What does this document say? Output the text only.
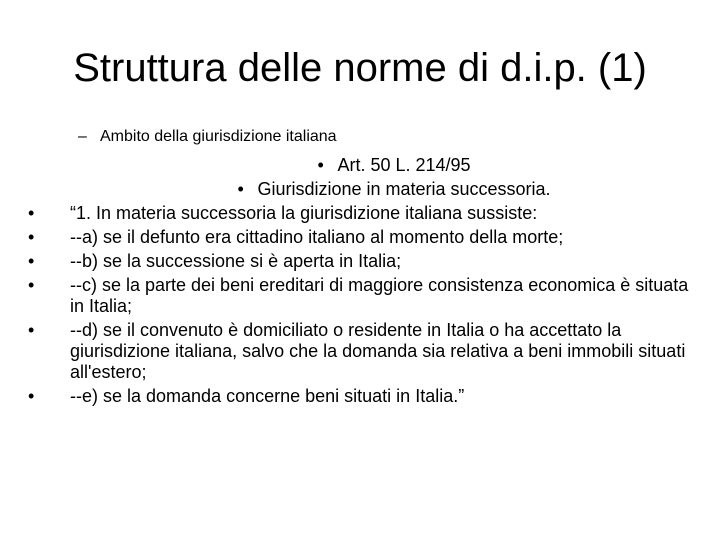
Struttura delle norme di d.i.p. (1)
– Ambito della giurisdizione italiana
• Art. 50 L. 214/95
• Giurisdizione in materia successoria.
•	“1. In materia successoria la giurisdizione italiana sussiste:
•	--a) se il defunto era cittadino italiano al momento della morte;
•	--b) se la successione si è aperta in Italia;
•	--c) se la parte dei beni ereditari di maggiore consistenza economica è situata in Italia;
•	--d) se il convenuto è domiciliato o residente in Italia o ha accettato la giurisdizione italiana, salvo che la domanda sia relativa a beni immobili situati all'estero;
•	--e) se la domanda concerne beni situati in Italia.”
